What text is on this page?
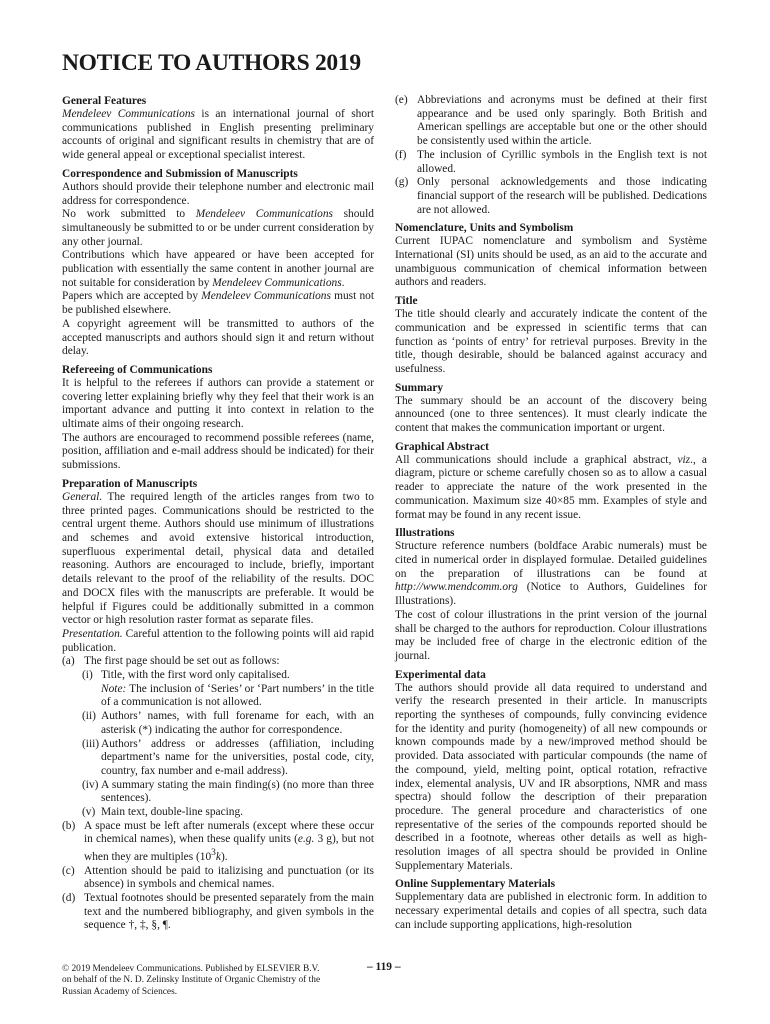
NOTICE TO AUTHORS 2019
General Features

Mendeleev Communications is an international journal of short communications published in English presenting preliminary accounts of original and significant results in chemistry that are of wide general appeal or exceptional specialist interest.

Correspondence and Submission of Manuscripts

Authors should provide their telephone number and electronic mail address for correspondence.

No work submitted to Mendeleev Communications should simultaneously be submitted to or be under current consideration by any other journal.

Contributions which have appeared or have been accepted for publication with essentially the same content in another journal are not suitable for consideration by Mendeleev Communications.

Papers which are accepted by Mendeleev Communications must not be published elsewhere.

A copyright agreement will be transmitted to authors of the accepted manuscripts and authors should sign it and return without delay.

Refereeing of Communications

It is helpful to the referees if authors can provide a statement or covering letter explaining briefly why they feel that their work is an important advance and putting it into context in relation to the ultimate aims of their ongoing research.

The authors are encouraged to recommend possible referees (name, position, affiliation and e-mail address should be indicated) for their submissions.

Preparation of Manuscripts

General. The required length of the articles ranges from two to three printed pages. Communications should be restricted to the central urgent theme. Authors should use minimum of illustrations and schemes and avoid extensive historical introduction, superfluous experimental detail, physical data and detailed reasoning. Authors are encouraged to include, briefly, important details relevant to the proof of the reliability of the results. DOC and DOCX files with the manuscripts are preferable. It would be helpful if Figures could be additionally submitted in a common vector or high resolution raster format as separate files.

Presentation. Careful attention to the following points will aid rapid publication.

(a) The first page should be set out as follows:
(i) Title, with the first word only capitalised.

Note: The inclusion of ‘Series’ or ‘Part numbers’ in the title of a communication is not allowed.

(ii) Authors’ names, with full forename for each, with an asterisk (*) indicating the author for correspondence.
(iii) Authors’ address or addresses (affiliation, including department’s name for the universities, postal code, city, country, fax number and e-mail address).
(iv) A summary stating the main finding(s) (no more than three sentences).
(v) Main text, double-line spacing.
(b) A space must be left after numerals (except where these occur in chemical names), when these qualify units (e.g. 3 g), but not when they are multiples $(10^3k)$.
(c) Attention should be paid to italizising and punctuation (or its absence) in symbols and chemical names.
(d) Textual footnotes should be presented separately from the main text and the numbered bibliography, and given symbols in the sequence †, ‡, §, ¶.
(e) Abbreviations and acronyms must be defined at their first appearance and be used only sparingly. Both British and American spellings are acceptable but one or the other should be consistently used within the article.
(f) The inclusion of Cyrillic symbols in the English text is not allowed.
(g) Only personal acknowledgements and those indicating financial support of the research will be published. Dedications are not allowed.
Nomenclature, Units and Symbolism

Current IUPAC nomenclature and symbolism and Système International (SI) units should be used, as an aid to the accurate and unambiguous communication of chemical information between authors and readers.

Title

The title should clearly and accurately indicate the content of the communication and be expressed in scientific terms that can function as ‘points of entry’ for retrieval purposes. Brevity in the title, though desirable, should be balanced against accuracy and usefulness.

Summary

The summary should be an account of the discovery being announced (one to three sentences). It must clearly indicate the content that makes the communication important or urgent.

Graphical Abstract

All communications should include a graphical abstract, viz., a diagram, picture or scheme carefully chosen so as to allow a casual reader to appreciate the nature of the work presented in the communication. Maximum size 40×85 mm. Examples of style and format may be found in any recent issue.

Illustrations

Structure reference numbers (boldface Arabic numerals) must be cited in numerical order in displayed formulae. Detailed guidelines on the preparation of illustrations can be found at http://www.mendcomm.org (Notice to Authors, Guidelines for Illustrations).

The cost of colour illustrations in the print version of the journal shall be charged to the authors for reproduction. Colour illustrations may be included free of charge in the electronic edition of the journal.

Experimental data

The authors should provide all data required to understand and verify the research presented in their article. In manuscripts reporting the syntheses of compounds, fully convincing evidence for the identity and purity (homogeneity) of all new compounds or known compounds made by a new/improved method should be provided. Data associated with particular compounds (the name of the compound, yield, melting point, optical rotation, refractive index, elemental analysis, UV and IR absorptions, NMR and mass spectra) should follow the description of their preparation procedure. The general procedure and characteristics of one representative of the series of the compounds reported should be described in a footnote, whereas other details as well as high-resolution images of all spectra should be provided in Online Supplementary Materials.

Online Supplementary Materials

Supplementary data are published in electronic form. In addition to necessary experimental details and copies of all spectra, such data can include supporting applications, high-resolution

© 2019 Mendeleev Communications. Published by ELSEVIER B.V.
on behalf of the N. D. Zelinsky Institute of Organic Chemistry of the
Russian Academy of Sciences.
– 119 –
